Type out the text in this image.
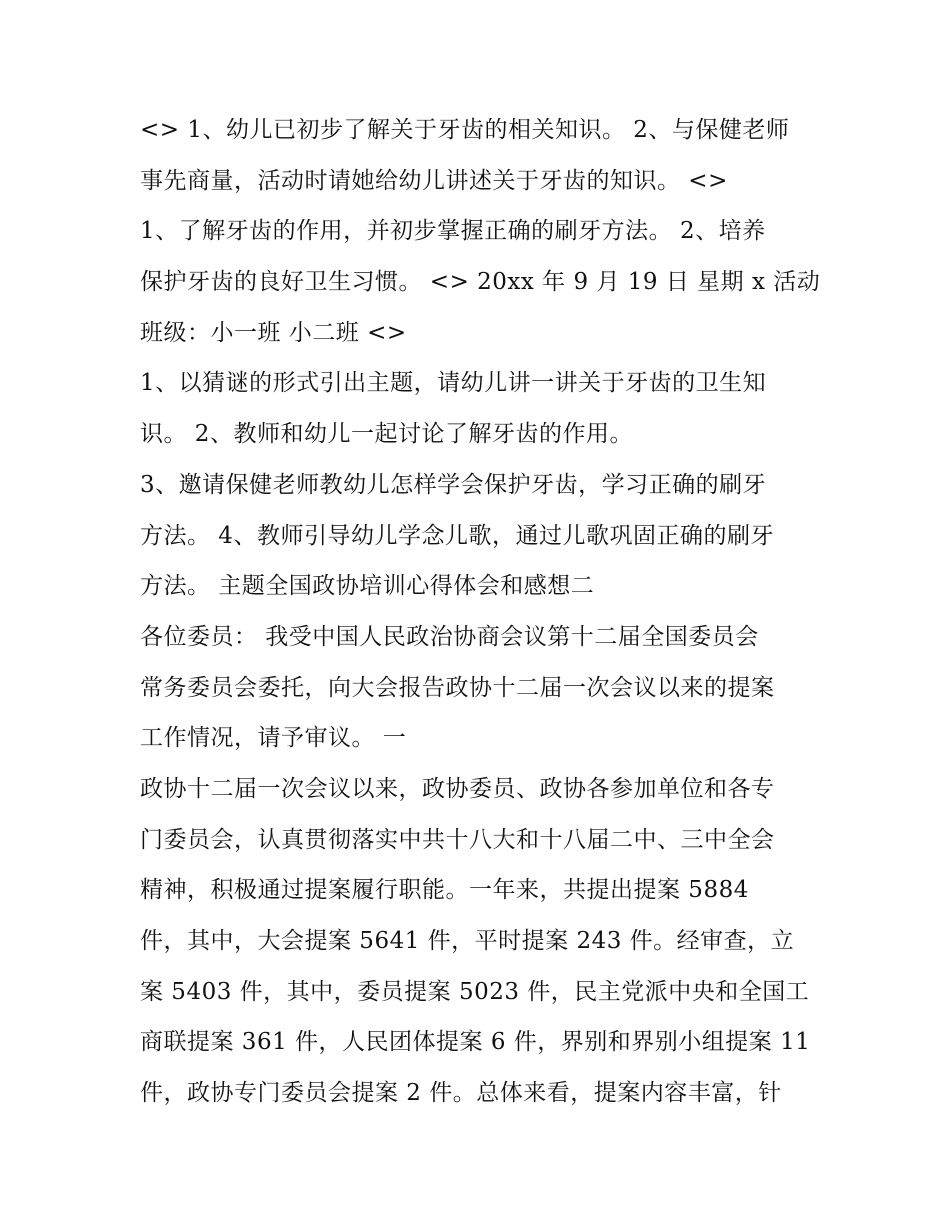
<> 1、幼儿已初步了解关于牙齿的相关知识。 2、与保健老师
事先商量，活动时请她给幼儿讲述关于牙齿的知识。 <>
1、了解牙齿的作用，并初步掌握正确的刷牙方法。 2、培养
保护牙齿的良好卫生习惯。 <> 20xx 年 9 月 19 日 星期 x 活动
班级：小一班 小二班 <>
1、以猜谜的形式引出主题，请幼儿讲一讲关于牙齿的卫生知
识。 2、教师和幼儿一起讨论了解牙齿的作用。
3、邀请保健老师教幼儿怎样学会保护牙齿，学习正确的刷牙
方法。 4、教师引导幼儿学念儿歌，通过儿歌巩固正确的刷牙
方法。 主题全国政协培训心得体会和感想二
各位委员： 我受中国人民政治协商会议第十二届全国委员会
常务委员会委托，向大会报告政协十二届一次会议以来的提案
工作情况，请予审议。 一
政协十二届一次会议以来，政协委员、政协各参加单位和各专
门委员会，认真贯彻落实中共十八大和十八届二中、三中全会
精神，积极通过提案履行职能。一年来，共提出提案 5884
件，其中，大会提案 5641 件，平时提案 243 件。经审查，立
案 5403 件，其中，委员提案 5023 件，民主党派中央和全国工
商联提案 361 件，人民团体提案 6 件，界别和界别小组提案 11
件，政协专门委员会提案 2 件。总体来看，提案内容丰富，针
